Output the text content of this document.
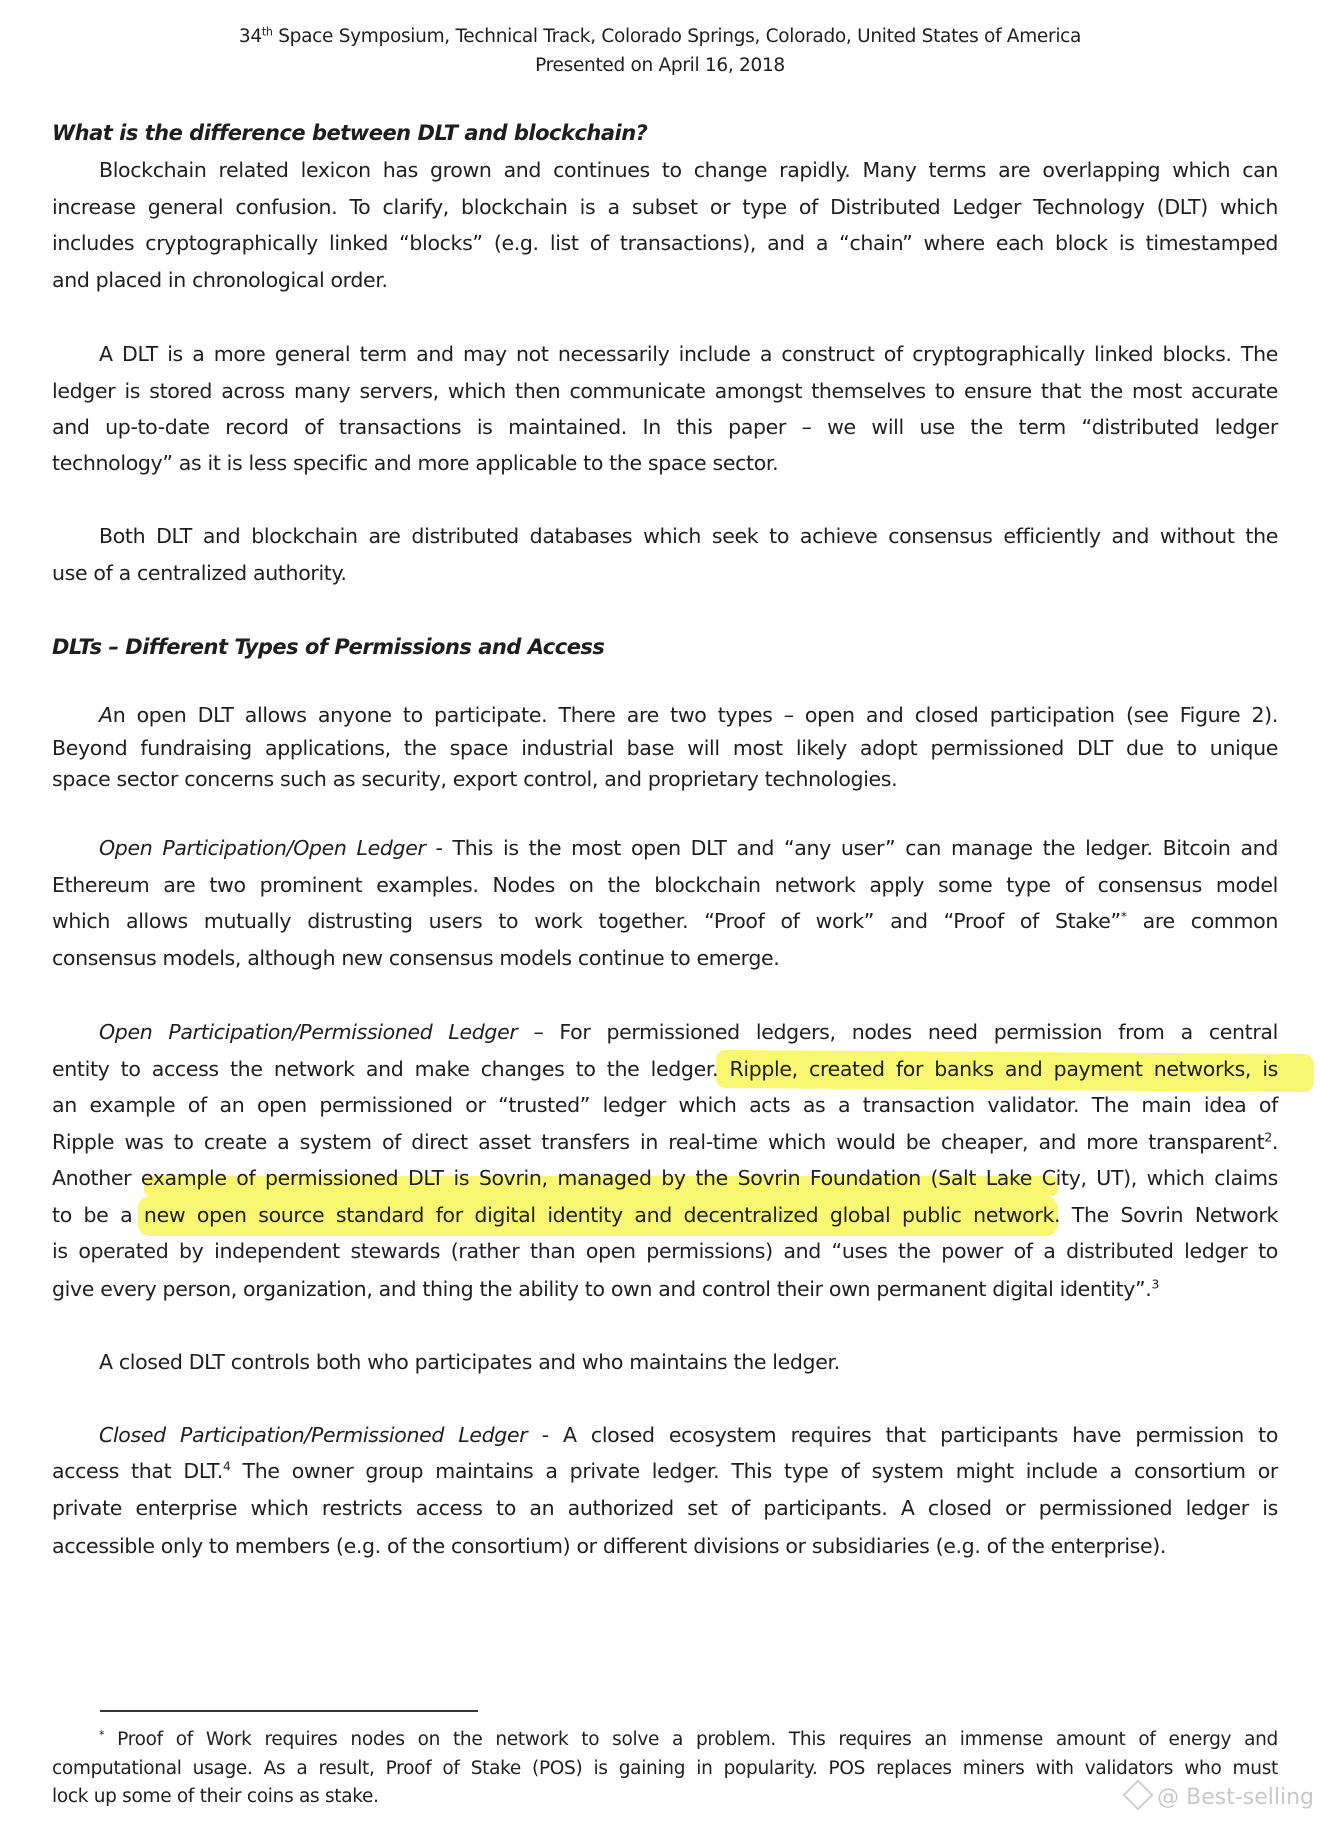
34th Space Symposium, Technical Track, Colorado Springs, Colorado, United States of America
Presented on April 16, 2018
What is the difference between DLT and blockchain?
Blockchain related lexicon has grown and continues to change rapidly. Many terms are overlapping which can
increase general confusion. To clarify, blockchain is a subset or type of Distributed Ledger Technology (DLT) which
includes cryptographically linked “blocks” (e.g. list of transactions), and a “chain” where each block is timestamped
and placed in chronological order.
A DLT is a more general term and may not necessarily include a construct of cryptographically linked blocks. The
ledger is stored across many servers, which then communicate amongst themselves to ensure that the most accurate
and up-to-date record of transactions is maintained. In this paper – we will use the term “distributed ledger
technology” as it is less specific and more applicable to the space sector.
Both DLT and blockchain are distributed databases which seek to achieve consensus efficiently and without the
use of a centralized authority.
DLTs – Different Types of Permissions and Access
An open DLT allows anyone to participate. There are two types – open and closed participation (see Figure 2).
Beyond fundraising applications, the space industrial base will most likely adopt permissioned DLT due to unique
space sector concerns such as security, export control, and proprietary technologies.
Open Participation/Open Ledger - This is the most open DLT and “any user” can manage the ledger. Bitcoin and
Ethereum are two prominent examples. Nodes on the blockchain network apply some type of consensus model
which allows mutually distrusting users to work together. “Proof of work” and “Proof of Stake”* are common
consensus models, although new consensus models continue to emerge.
Open Participation/Permissioned Ledger – For permissioned ledgers, nodes need permission from a central
entity to access the network and make changes to the ledger. Ripple, created for banks and payment networks, is
an example of an open permissioned or “trusted” ledger which acts as a transaction validator. The main idea of
Ripple was to create a system of direct asset transfers in real-time which would be cheaper, and more transparent$^2$.
Another example of permissioned DLT is Sovrin, managed by the Sovrin Foundation (Salt Lake City, UT), which claims
to be a new open source standard for digital identity and decentralized global public network. The Sovrin Network
is operated by independent stewards (rather than open permissions) and “uses the power of a distributed ledger to
give every person, organization, and thing the ability to own and control their own permanent digital identity”.$^3$
A closed DLT controls both who participates and who maintains the ledger.
Closed Participation/Permissioned Ledger - A closed ecosystem requires that participants have permission to
access that DLT.$^4$ The owner group maintains a private ledger. This type of system might include a consortium or
private enterprise which restricts access to an authorized set of participants. A closed or permissioned ledger is
accessible only to members (e.g. of the consortium) or different divisions or subsidiaries (e.g. of the enterprise).
* Proof of Work requires nodes on the network to solve a problem. This requires an immense amount of energy and
computational usage. As a result, Proof of Stake (POS) is gaining in popularity. POS replaces miners with validators who must
lock up some of their coins as stake.	@ Best-selling
